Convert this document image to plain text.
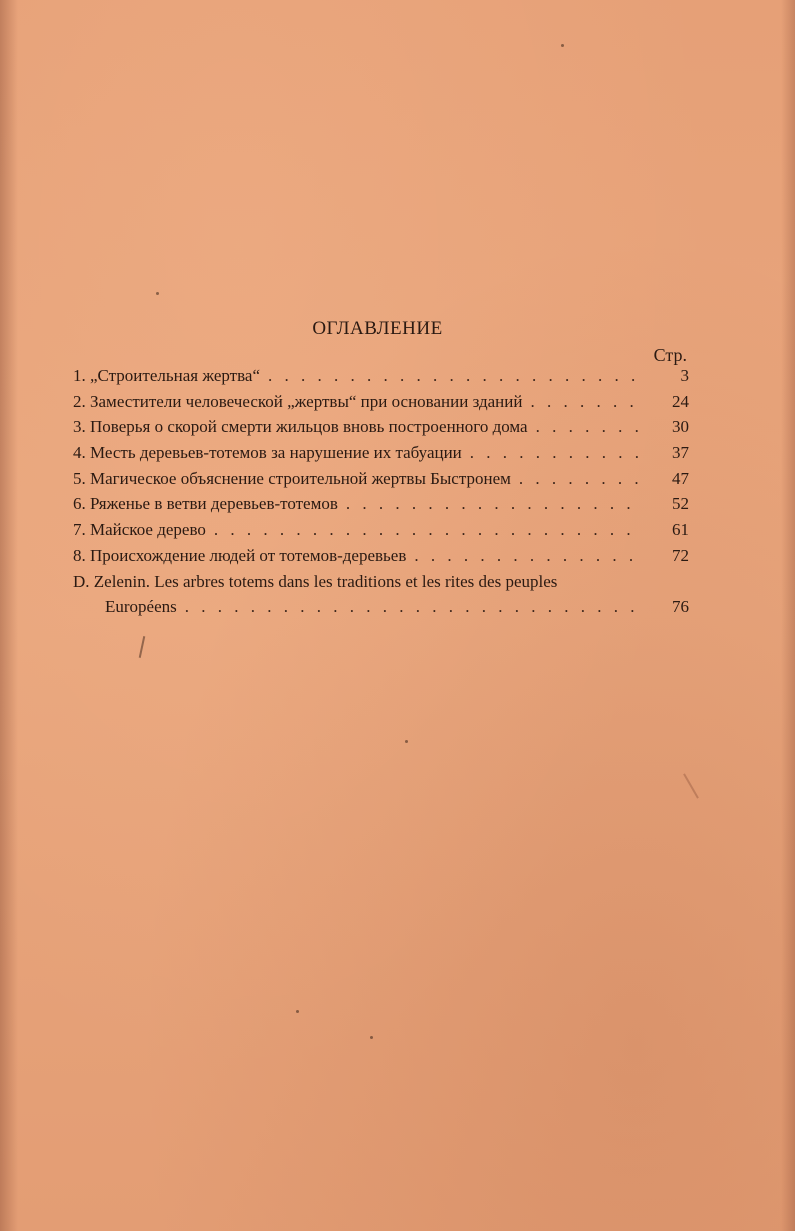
ОГЛАВЛЕНИЕ
Стр.
1. „Строительная жертва“ . . .	3
2. Заместители человеческой „жертвы“ при основании зданий . . .	24
3. Поверья о скорой смерти жильцов вновь построенного дома . . .	30
4. Месть деревьев-тотемов за нарушение их табуации . . .	37
5. Магическое объяснение строительной жертвы Быстронем . . .	47
6. Ряженье в ветви деревьев-тотемов . . .	52
7. Майское дерево . . .	61
8. Происхождение людей от тотемов-деревьев . . .	72
D. Zelenin. Les arbres totems dans les traditions et les rites des peuples
Européens . . .	76
